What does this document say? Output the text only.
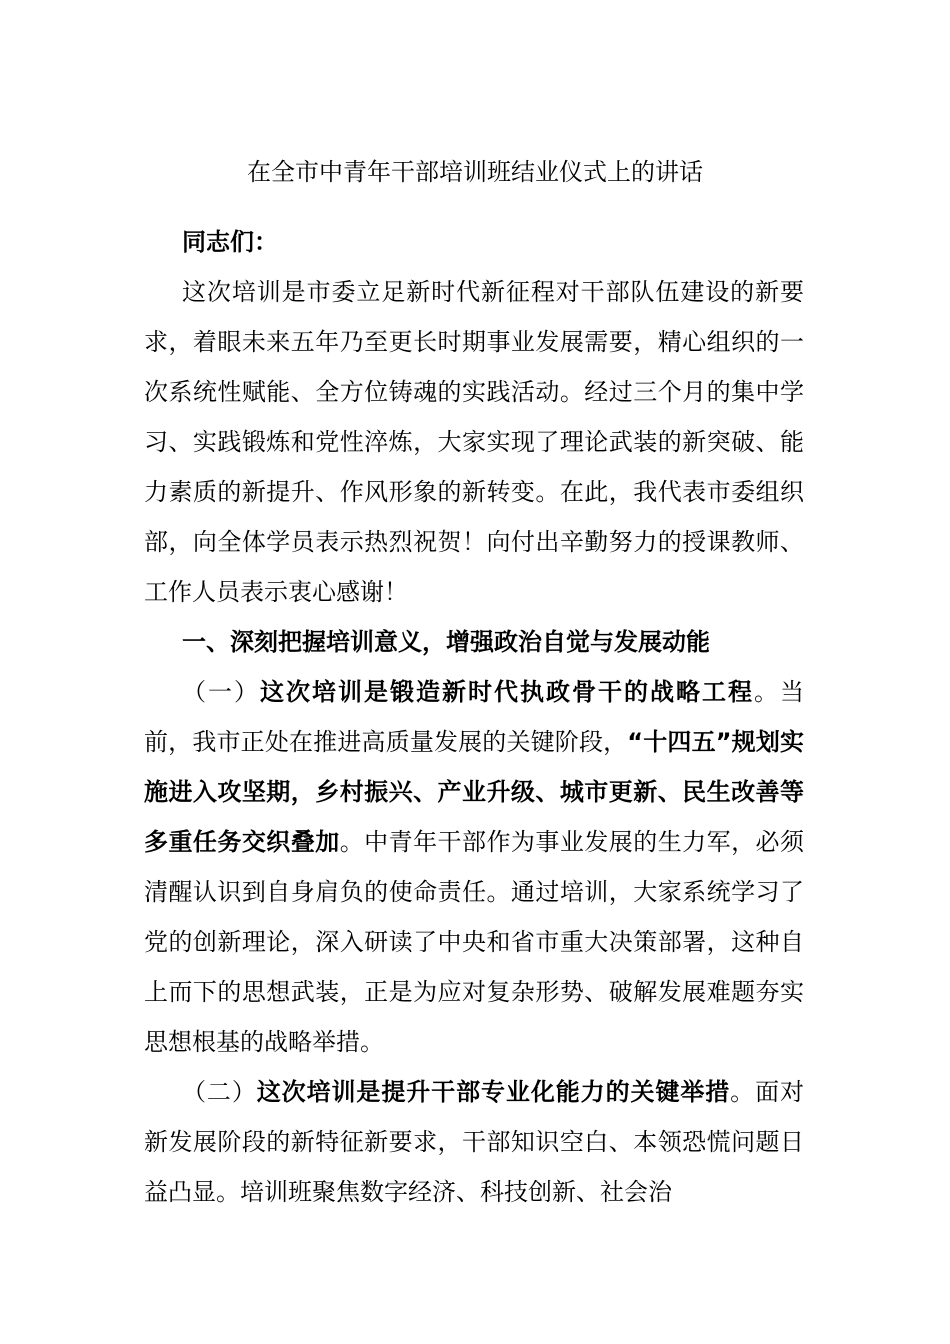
在全市中青年干部培训班结业仪式上的讲话

同志们：

这次培训是市委立足新时代新征程对干部队伍建设的新要求，着眼未来五年乃至更长时期事业发展需要，精心组织的一次系统性赋能、全方位铸魂的实践活动。经过三个月的集中学习、实践锻炼和党性淬炼，大家实现了理论武装的新突破、能力素质的新提升、作风形象的新转变。在此，我代表市委组织部，向全体学员表示热烈祝贺！向付出辛勤努力的授课教师、工作人员表示衷心感谢！

一、深刻把握培训意义，增强政治自觉与发展动能

（一）这次培训是锻造新时代执政骨干的战略工程。当前，我市正处在推进高质量发展的关键阶段，“十四五”规划实施进入攻坚期，乡村振兴、产业升级、城市更新、民生改善等多重任务交织叠加。中青年干部作为事业发展的生力军，必须清醒认识到自身肩负的使命责任。通过培训，大家系统学习了党的创新理论，深入研读了中央和省市重大决策部署，这种自上而下的思想武装，正是为应对复杂形势、破解发展难题夯实思想根基的战略举措。

（二）这次培训是提升干部专业化能力的关键举措。面对新发展阶段的新特征新要求，干部知识空白、本领恐慌问题日益凸显。培训班聚焦数字经济、科技创新、社会治
